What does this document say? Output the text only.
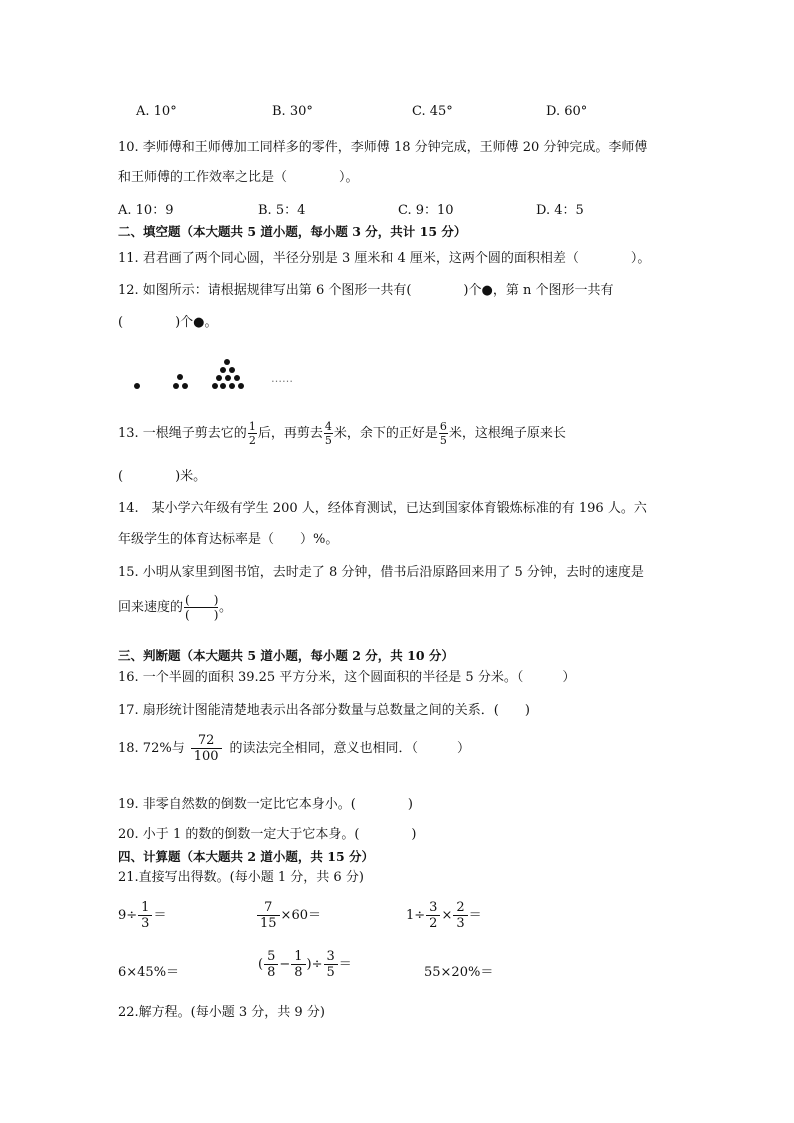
A. 10°	B. 30°	C. 45°	D. 60°
10. 李师傅和王师傅加工同样多的零件，李师傅 18 分钟完成，王师傅 20 分钟完成。李师傅
和王师傅的工作效率之比是（　　　　）。
A. 10：9	B. 5：4	C. 9：10	D. 4：5
二、填空题（本大题共 5 道小题，每小题 3 分，共计 15 分）
11. 君君画了两个同心圆，半径分别是 3 厘米和 4 厘米，这两个圆的面积相差（　　　　）。
12. 如图所示：请根据规律写出第 6 个图形一共有(　　　　)个●，第 n 个图形一共有
(　　　　)个●。
……
13. 一根绳子剪去它的 $\frac{1}{2}$ 后，再剪去 $\frac{4}{5}$ 米，余下的正好是 $\frac{6}{5}$ 米，这根绳子原来长
(　　　　)米。
14.　某小学六年级有学生 200 人，经体育测试，已达到国家体育锻炼标准的有 196 人。六
年级学生的体育达标率是（　　）%。
15. 小明从家里到图书馆，去时走了 8 分钟，借书后沿原路回来用了 5 分钟，去时的速度是
回来速度的 $\frac{( )}{( )}$ 。
三、判断题（本大题共 5 道小题，每小题 2 分，共 10 分）
16. 一个半圆的面积 39.25 平方分米，这个圆面积的半径是 5 分米。（　　　）
17. 扇形统计图能清楚地表示出各部分数量与总数量之间的关系．(　　)
18. 72%与 $\frac{72}{100}$ 的读法完全相同，意义也相同．（　　　）
19. 非零自然数的倒数一定比它本身小。(　　　　)
20. 小于 1 的数的倒数一定大于它本身。(　　　　)
四、计算题（本大题共 2 道小题，共 15 分）
21.直接写出得数。(每小题 1 分，共 6 分)
$9\div \frac{1}{3}$ ＝	$\frac{7}{15} \times 60=$	$1\div \frac{3}{2} \times \frac{2}{3}$ ＝
6×45%＝
( $\frac{5}{8} - \frac{1}{8}$ )÷ $\frac{3}{5}$ ＝
55×20%＝
22.解方程。(每小题 3 分，共 9 分)
